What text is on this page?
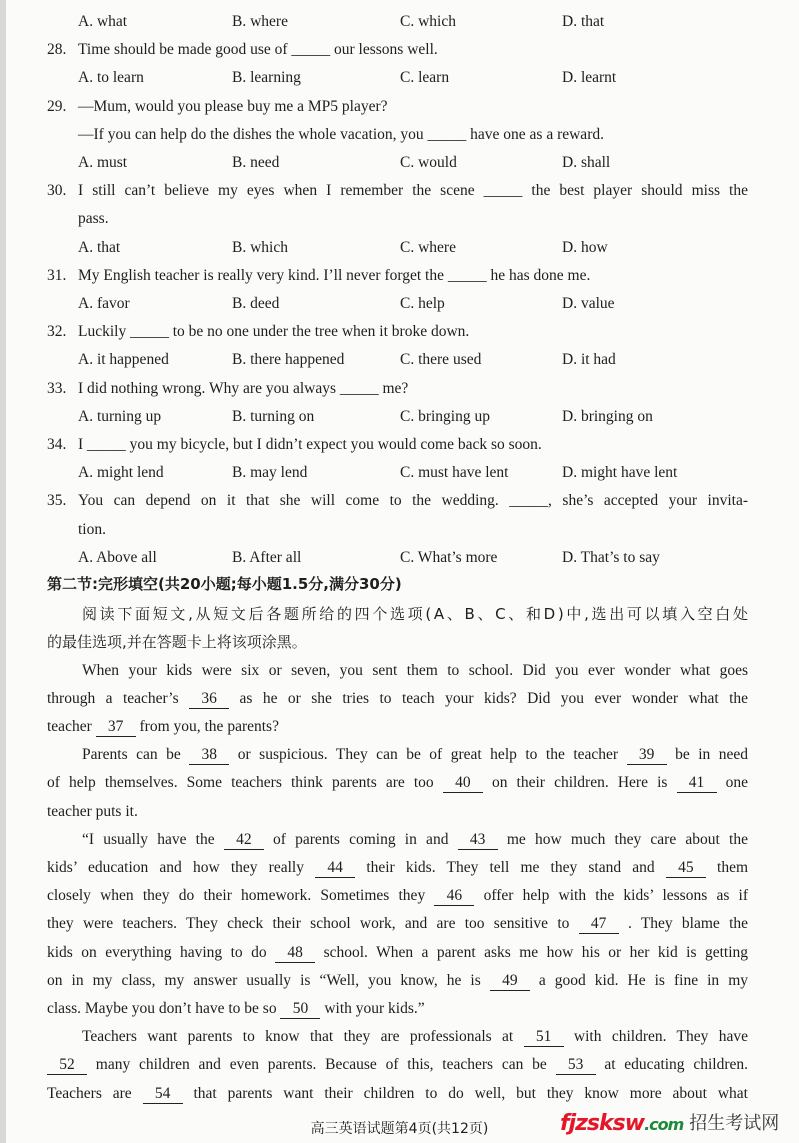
A. what	B. where	C. which	D. that
28. Time should be made good use of _____ our lessons well.
A. to learn	B. learning	C. learn	D. learnt
29. —Mum, would you please buy me a MP5 player?
—If you can help do the dishes the whole vacation, you _____ have one as a reward.
A. must	B. need	C. would	D. shall
30. I still can’t believe my eyes when I remember the scene _____ the best player should miss the
pass.
A. that	B. which	C. where	D. how
31. My English teacher is really very kind. I’ll never forget the _____ he has done me.
A. favor	B. deed	C. help	D. value
32. Luckily _____ to be no one under the tree when it broke down.
A. it happened	B. there happened	C. there used	D. it had
33. I did nothing wrong. Why are you always _____ me?
A. turning up	B. turning on	C. bringing up	D. bringing on
34. I _____ you my bicycle, but I didn’t expect you would come back so soon.
A. might lend	B. may lend	C. must have lent	D. might have lent
35. You can depend on it that she will come to the wedding. _____, she’s accepted your invita-
tion.
A. Above all	B. After all	C. What’s more	D. That’s to say
第二节:完形填空(共20小题;每小题1.5分,满分30分)
阅读下面短文,从短文后各题所给的四个选项(A、B、C、和D)中,选出可以填入空白处
的最佳选项,并在答题卡上将该项涂黑。
When your kids were six or seven, you sent them to school. Did you ever wonder what goes
through a teacher’s 36 as he or she tries to teach your kids? Did you ever wonder what the
teacher 37 from you, the parents?
Parents can be 38 or suspicious. They can be of great help to the teacher 39 be in need
of help themselves. Some teachers think parents are too 40 on their children. Here is 41 one
teacher puts it.
“I usually have the 42 of parents coming in and 43 me how much they care about the
kids’ education and how they really 44 their kids. They tell me they stand and 45 them
closely when they do their homework. Sometimes they 46 offer help with the kids’ lessons as if
they were teachers. They check their school work, and are too sensitive to 47 . They blame the
kids on everything having to do 48 school. When a parent asks me how his or her kid is getting
on in my class, my answer usually is “Well, you know, he is 49 a good kid. He is fine in my
class. Maybe you don’t have to be so 50 with your kids.”
Teachers want parents to know that they are professionals at 51 with children. They have
52 many children and even parents. Because of this, teachers can be 53 at educating children.
Teachers are 54 that parents want their children to do well, but they know more about what
高三英语试题第4页(共12页)	fjzsksw.com 招生考试网
